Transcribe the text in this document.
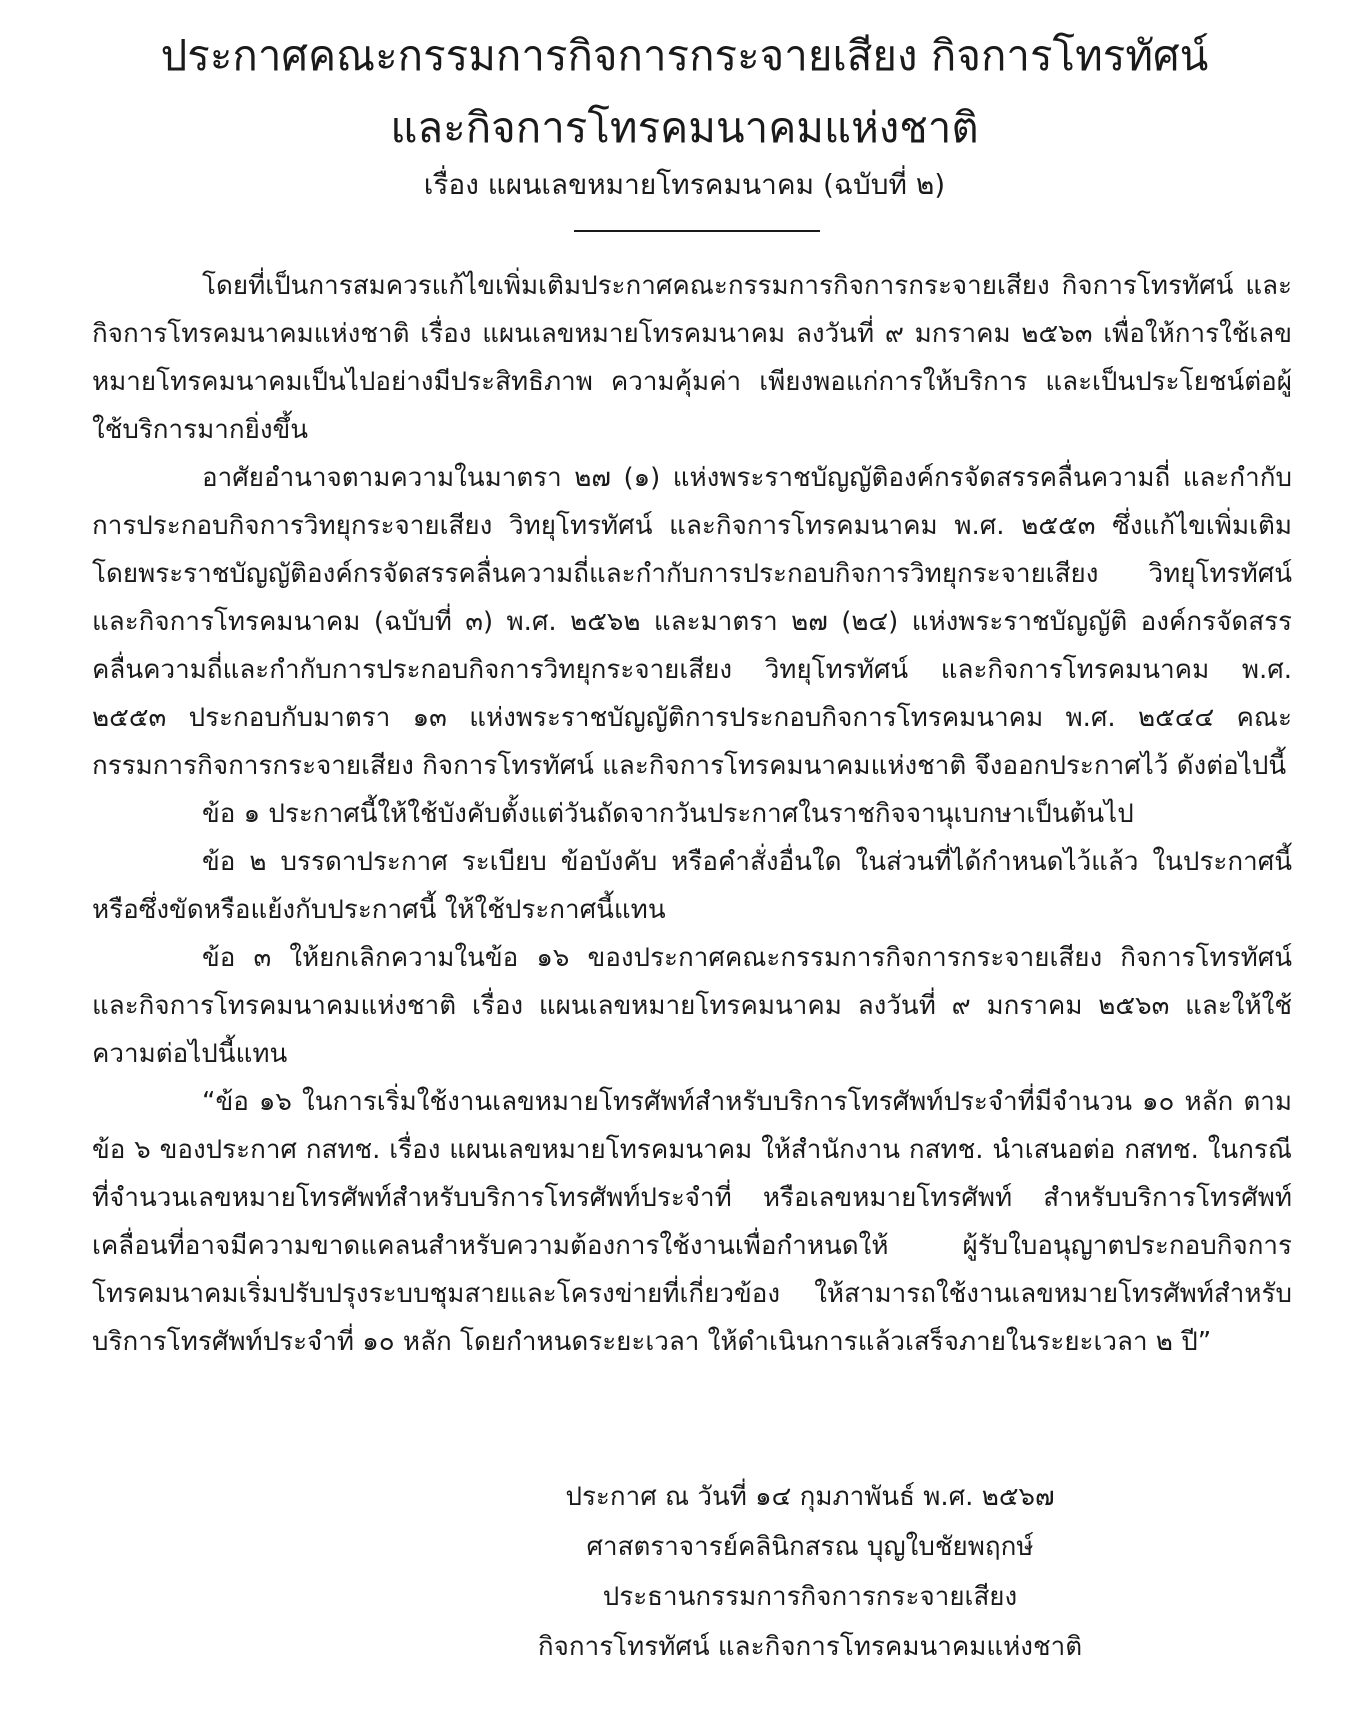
ประกาศคณะกรรมการกิจการกระจายเสียง กิจการโทรทัศน์
และกิจการโทรคมนาคมแห่งชาติ
เรื่อง แผนเลขหมายโทรคมนาคม (ฉบับที่ ๒)

โดยที่เป็นการสมควรแก้ไขเพิ่มเติมประกาศคณะกรรมการกิจการกระจายเสียง กิจการโทรทัศน์ และกิจการโทรคมนาคมแห่งชาติ เรื่อง แผนเลขหมายโทรคมนาคม ลงวันที่ ๙ มกราคม ๒๕๖๓ เพื่อให้การใช้เลขหมายโทรคมนาคมเป็นไปอย่างมีประสิทธิภาพ ความคุ้มค่า เพียงพอแก่การให้บริการ และเป็นประโยชน์ต่อผู้ใช้บริการมากยิ่งขึ้น

อาศัยอำนาจตามความในมาตรา ๒๗ (๑) แห่งพระราชบัญญัติองค์กรจัดสรรคลื่นความถี่ และกำกับการประกอบกิจการวิทยุกระจายเสียง วิทยุโทรทัศน์ และกิจการโทรคมนาคม พ.ศ. ๒๕๕๓ ซึ่งแก้ไขเพิ่มเติมโดยพระราชบัญญัติองค์กรจัดสรรคลื่นความถี่และกำกับการประกอบกิจการวิทยุกระจายเสียง วิทยุโทรทัศน์ และกิจการโทรคมนาคม (ฉบับที่ ๓) พ.ศ. ๒๕๖๒ และมาตรา ๒๗ (๒๔) แห่งพระราชบัญญัติ องค์กรจัดสรรคลื่นความถี่และกำกับการประกอบกิจการวิทยุกระจายเสียง วิทยุโทรทัศน์ และกิจการโทรคมนาคม พ.ศ. ๒๕๕๓ ประกอบกับมาตรา ๑๓ แห่งพระราชบัญญัติการประกอบกิจการโทรคมนาคม พ.ศ. ๒๕๔๔ คณะกรรมการกิจการกระจายเสียง กิจการโทรทัศน์ และกิจการโทรคมนาคมแห่งชาติ จึงออกประกาศไว้ ดังต่อไปนี้

ข้อ ๑ ประกาศนี้ให้ใช้บังคับตั้งแต่วันถัดจากวันประกาศในราชกิจจานุเบกษาเป็นต้นไป

ข้อ ๒ บรรดาประกาศ ระเบียบ ข้อบังคับ หรือคำสั่งอื่นใด ในส่วนที่ได้กำหนดไว้แล้ว ในประกาศนี้ หรือซึ่งขัดหรือแย้งกับประกาศนี้ ให้ใช้ประกาศนี้แทน

ข้อ ๓ ให้ยกเลิกความในข้อ ๑๖ ของประกาศคณะกรรมการกิจการกระจายเสียง กิจการโทรทัศน์ และกิจการโทรคมนาคมแห่งชาติ เรื่อง แผนเลขหมายโทรคมนาคม ลงวันที่ ๙ มกราคม ๒๕๖๓ และให้ใช้ความต่อไปนี้แทน

“ข้อ ๑๖ ในการเริ่มใช้งานเลขหมายโทรศัพท์สำหรับบริการโทรศัพท์ประจำที่มีจำนวน ๑๐ หลัก ตามข้อ ๖ ของประกาศ กสทช. เรื่อง แผนเลขหมายโทรคมนาคม ให้สำนักงาน กสทช. นำเสนอต่อ กสทช. ในกรณีที่จำนวนเลขหมายโทรศัพท์สำหรับบริการโทรศัพท์ประจำที่ หรือเลขหมายโทรศัพท์ สำหรับบริการโทรศัพท์เคลื่อนที่อาจมีความขาดแคลนสำหรับความต้องการใช้งานเพื่อกำหนดให้ ผู้รับใบอนุญาตประกอบกิจการโทรคมนาคมเริ่มปรับปรุงระบบชุมสายและโครงข่ายที่เกี่ยวข้อง ให้สามารถใช้งานเลขหมายโทรศัพท์สำหรับบริการโทรศัพท์ประจำที่ ๑๐ หลัก โดยกำหนดระยะเวลา ให้ดำเนินการแล้วเสร็จภายในระยะเวลา ๒ ปี”

ประกาศ ณ วันที่ ๑๔ กุมภาพันธ์ พ.ศ. ๒๕๖๗
ศาสตราจารย์คลินิกสรณ บุญใบชัยพฤกษ์
ประธานกรรมการกิจการกระจายเสียง
กิจการโทรทัศน์ และกิจการโทรคมนาคมแห่งชาติ
